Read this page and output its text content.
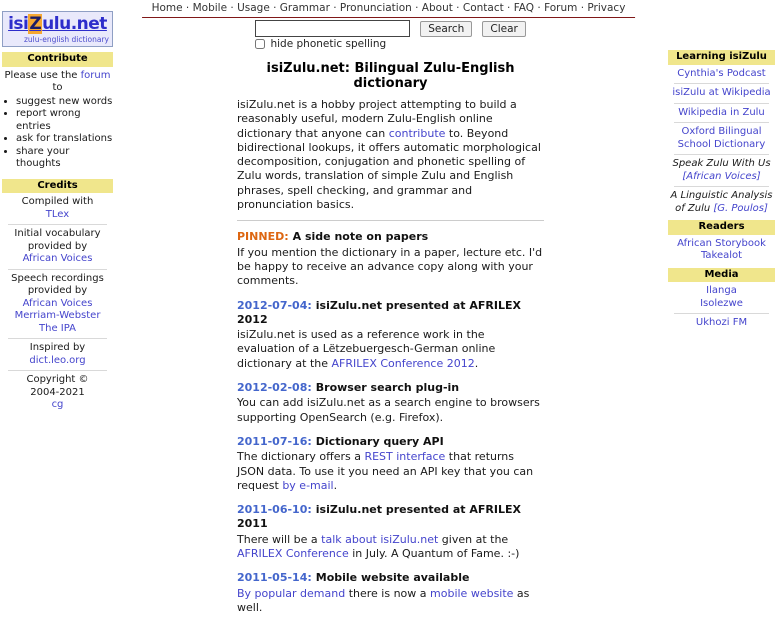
Home · Mobile · Usage · Grammar · Pronunciation · About · Contact · FAQ · Forum · Privacy
isiZulu.net
zulu-english dictionary
Contribute
Please use the forum to
• suggest new words
• report wrong entries
• ask for translations
• share your thoughts
Credits
Compiled with
TLex
Initial vocabulary
provided by
African Voices
Speech recordings
provided by
African Voices
Merriam-Webster
The IPA
Inspired by
dict.leo.org
Copyright ©
2004-2021
cg
Search Clear
hide phonetic spelling
isiZulu.net: Bilingual Zulu-English dictionary

isiZulu.net is a hobby project attempting to build a reasonably useful, modern Zulu-English online dictionary that anyone can contribute to. Beyond bidirectional lookups, it offers automatic morphological decomposition, conjugation and phonetic spelling of Zulu words, translation of simple Zulu and English phrases, spell checking, and grammar and pronunciation basics.

PINNED: A side note on papers
If you mention the dictionary in a paper, lecture etc. I'd be happy to receive an advance copy along with your comments.
2012-07-04: isiZulu.net presented at AFRILEX 2012
isiZulu.net is used as a reference work in the evaluation of a Lëtzebuergesch-German online dictionary at the AFRILEX Conference 2012.
2012-02-08: Browser search plug-in
You can add isiZulu.net as a search engine to browsers supporting OpenSearch (e.g. Firefox).
2011-07-16: Dictionary query API
The dictionary offers a REST interface that returns JSON data. To use it you need an API key that you can request by e-mail.
2011-06-10: isiZulu.net presented at AFRILEX 2011
There will be a talk about isiZulu.net given at the AFRILEX Conference in July. A Quantum of Fame. :-)
2011-05-14: Mobile website available
By popular demand there is now a mobile website as well.
Learning isiZulu
Cynthia's Podcast
isiZulu at Wikipedia
Wikipedia in Zulu
Oxford Bilingual School Dictionary
Speak Zulu With Us
[African Voices]
A Linguistic Analysis of Zulu [G. Poulos]
Readers
African Storybook
Takealot
Media
Ilanga
Isolezwe
Ukhozi FM
